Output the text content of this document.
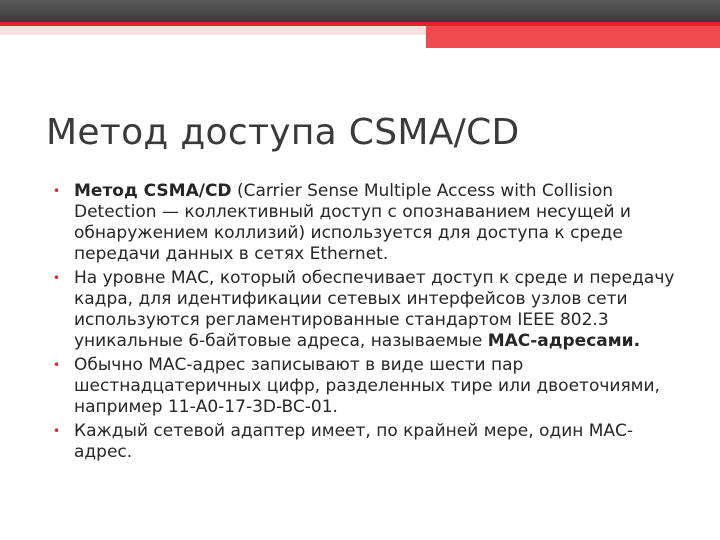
Метод доступа CSMA/CD
•
Метод CSMA/CD (Carrier Sense Multiple Access with Collision Detection — коллективный доступ с опознаванием несущей и обнаружением коллизий) используется для доступа к среде передачи данных в сетях Ethernet.
•
На уровне МАС, который обеспечивает доступ к среде и передачу кадра, для идентификации сетевых интерфейсов узлов сети используются регламентированные стандартом IEEE 802.3 уникальные 6-байтовые адреса, называемые МАС-адресами.
•
Обычно МАС-адрес записывают в виде шести пар шестнадцатеричных цифр, разделенных тире или двоеточиями, например 11-A0-17-3D-BC-01.
•
Каждый сетевой адаптер имеет, по крайней мере, один МАС-адрес.
